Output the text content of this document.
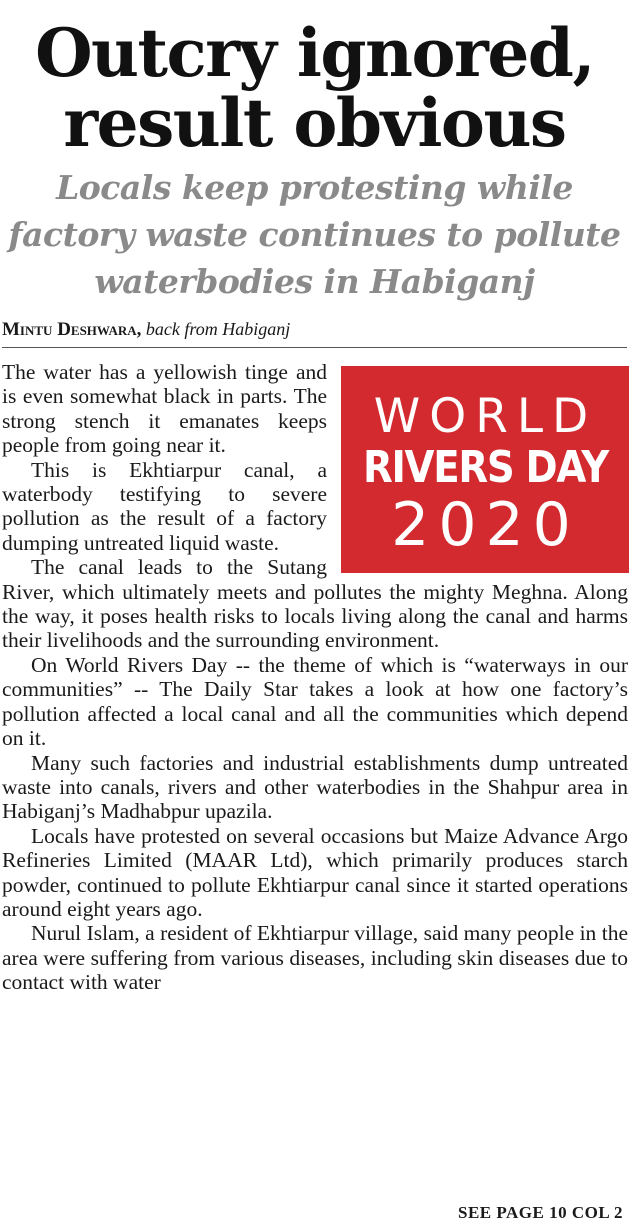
Outcry ignored,
result obvious
Locals keep protesting while
factory waste continues to pollute
waterbodies in Habiganj
Mintu Deshwara, back from Habiganj
WORLD
RIVERS DAY
2020

The water has a yellowish tinge and is even somewhat black in parts. The strong stench it emanates keeps people from going near it.

This is Ekhtiarpur canal, a waterbody testifying to severe pollution as the result of a factory dumping untreated liquid waste.

The canal leads to the Sutang River, which ultimately meets and pollutes the mighty Meghna. Along the way, it poses health risks to locals living along the canal and harms their livelihoods and the surrounding environment.

On World Rivers Day -- the theme of which is “waterways in our communities” -- The Daily Star takes a look at how one factory’s pollution affected a local canal and all the communities which depend on it.

Many such factories and industrial establishments dump untreated waste into canals, rivers and other waterbodies in the Shahpur area in Habiganj’s Madhabpur upazila.

Locals have protested on several occasions but Maize Advance Argo Refineries Limited (MAAR Ltd), which primarily produces starch powder, continued to pollute Ekhtiarpur canal since it started operations around eight years ago.

Nurul Islam, a resident of Ekhtiarpur village, said many people in the area were suffering from various diseases, including skin diseases due to contact with water

SEE PAGE 10 COL 2
